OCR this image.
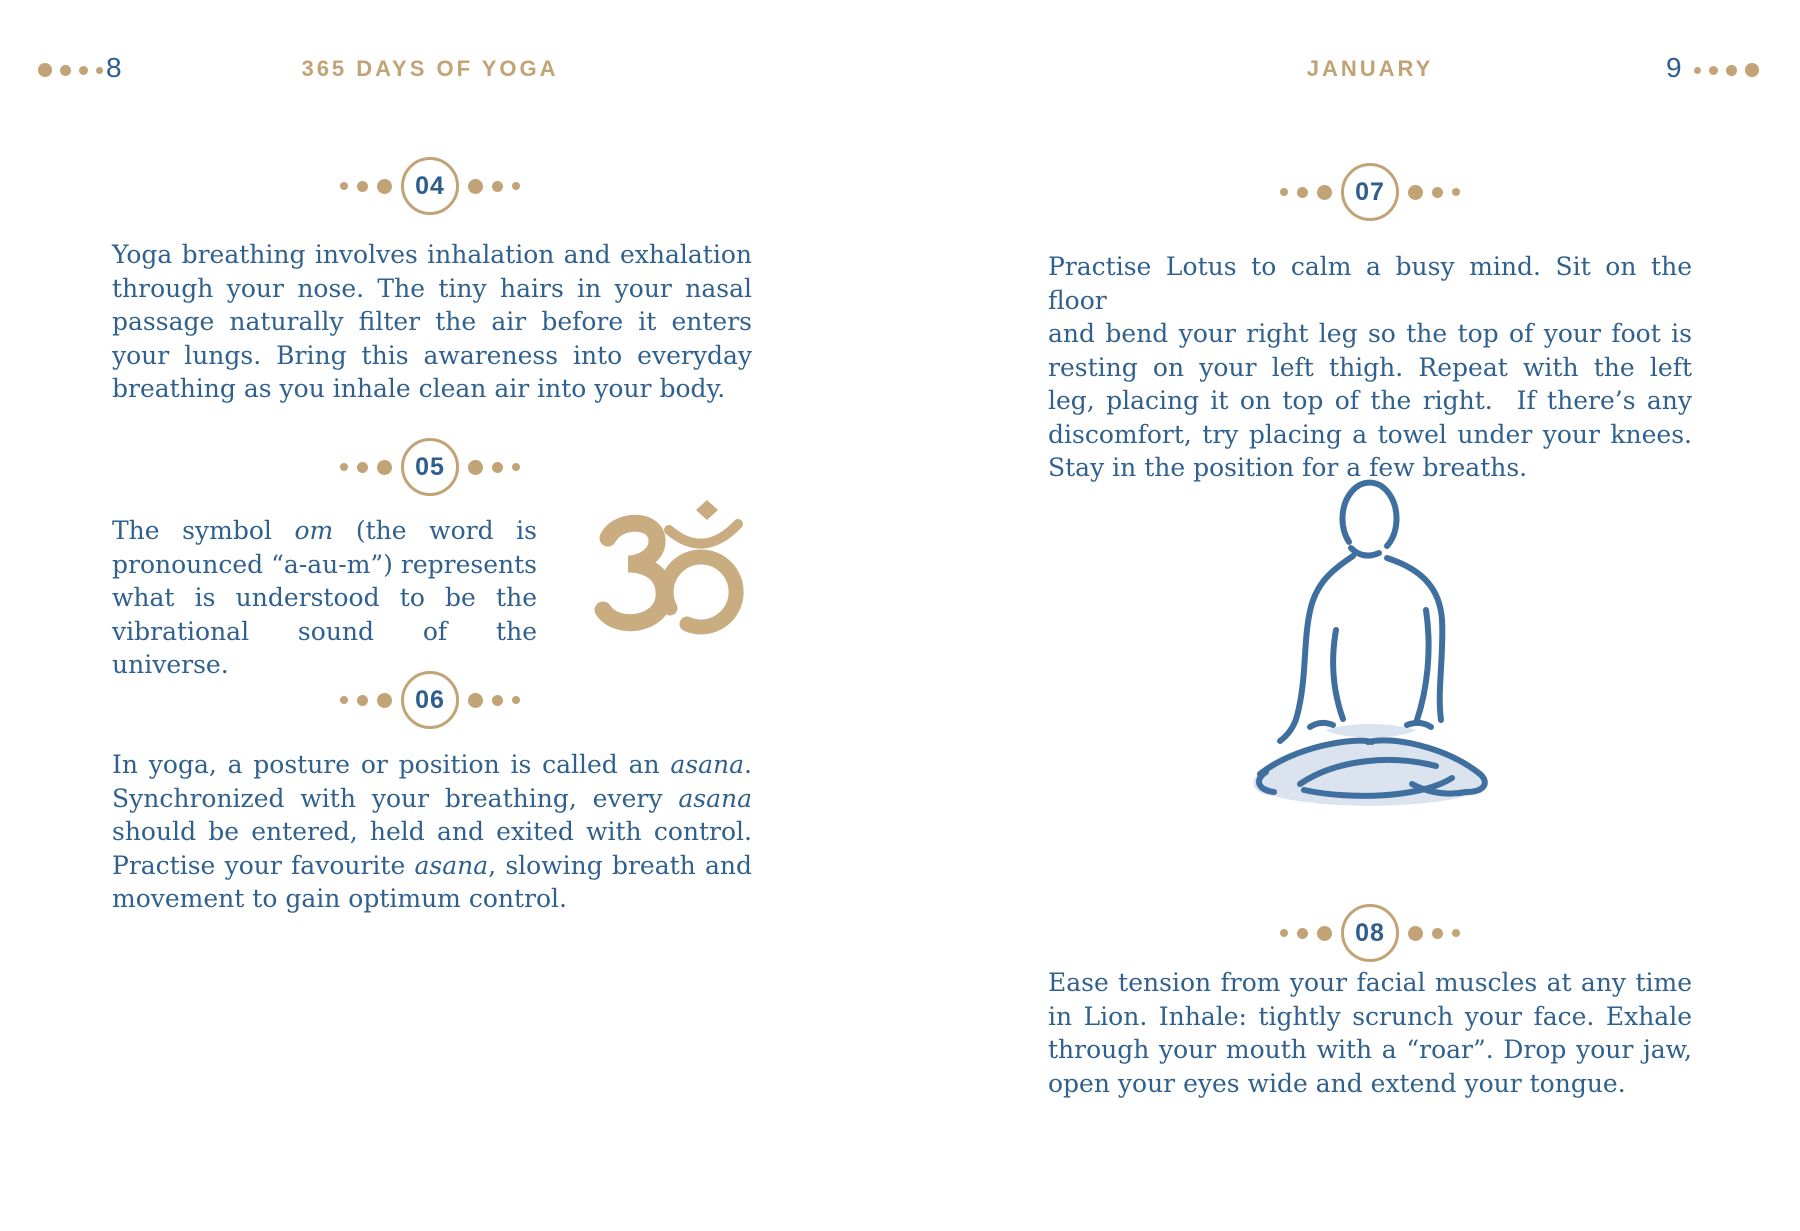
8	365 DAYS OF YOGA	JANUARY	9
04
Yoga breathing involves inhalation and exhalation
through your nose. The tiny hairs in your nasal
passage naturally filter the air before it enters
your lungs. Bring this awareness into everyday
breathing as you inhale clean air into your body.
05
The symbol om (the word is
pronounced “a-au-m”) represents
what is understood to be the
vibrational sound of the universe.
06
In yoga, a posture or position is called an asana.
Synchronized with your breathing, every asana
should be entered, held and exited with control.
Practise your favourite asana, slowing breath and
movement to gain optimum control.
07
Practise Lotus to calm a busy mind. Sit on the floor
and bend your right leg so the top of your foot is
resting on your left thigh. Repeat with the left
leg, placing it on top of the right.  If there’s any
discomfort, try placing a towel under your knees.
Stay in the position for a few breaths.
08
Ease tension from your facial muscles at any time
in Lion. Inhale: tightly scrunch your face. Exhale
through your mouth with a “roar”. Drop your jaw,
open your eyes wide and extend your tongue.
